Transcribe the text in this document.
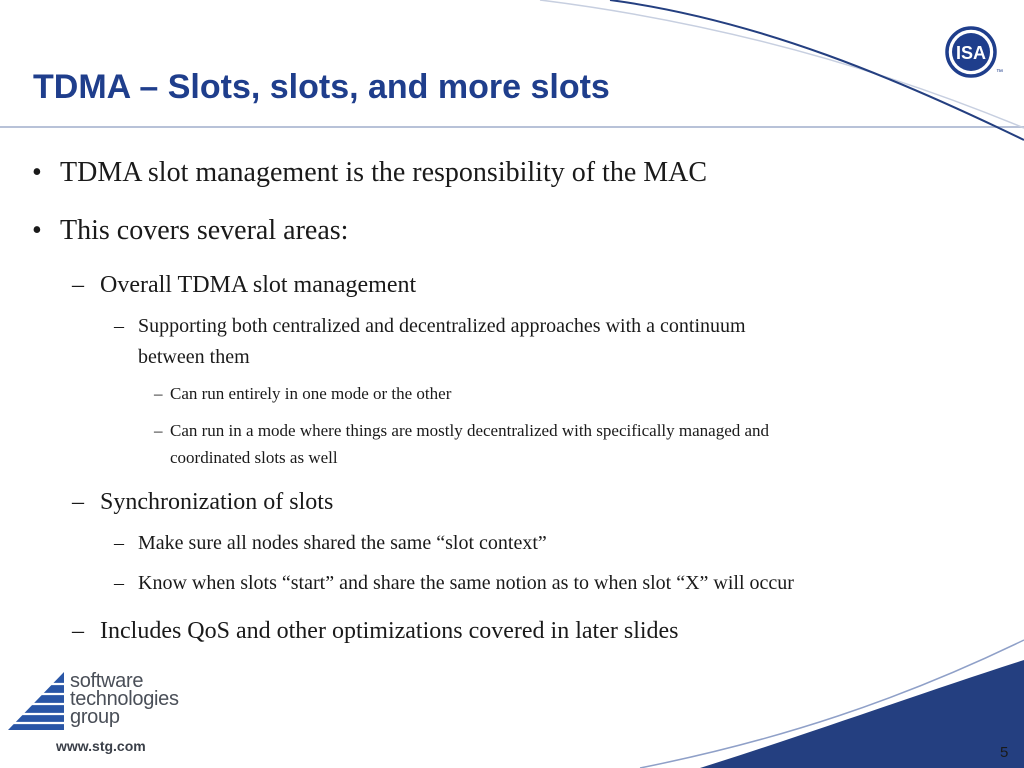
TDMA – Slots, slots, and more slots
ISA
™
• TDMA slot management is the responsibility of the MAC
• This covers several areas:
– Overall TDMA slot management
– Supporting both centralized and decentralized approaches with a continuum
between them
– Can run entirely in one mode or the other
– Can run in a mode where things are mostly decentralized with specifically managed and
coordinated slots as well
– Synchronization of slots
– Make sure all nodes shared the same “slot context”
– Know when slots “start” and share the same notion as to when slot “X” will occur
– Includes QoS and other optimizations covered in later slides
software
technologies
group
www.stg.com	5
